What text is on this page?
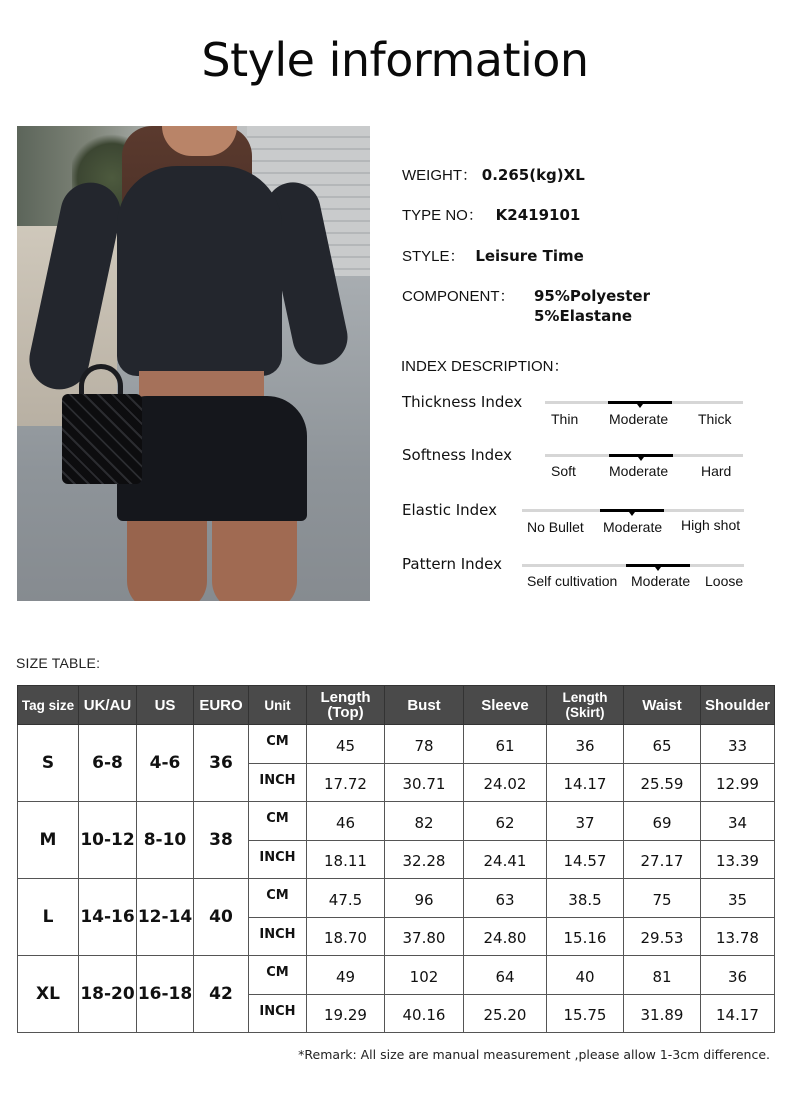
Style information
WEIGHT： 0.265(kg)XL
TYPE NO： K2419101
STYLE： Leisure Time
COMPONENT： 95%Polyester
5%Elastane
INDEX DESCRIPTION：
Thickness Index
Thin Moderate Thick
Softness Index
Soft Moderate Hard
Elastic Index
No Bullet Moderate High shot
Pattern Index
Self cultivation Moderate Loose
SIZE TABLE:
Tag size	UK/AU	US	EURO	Unit	Length
(Top)	Bust	Sleeve	Length
(Skirt)	Waist	Shoulder
S	6-8	4-6	36	CM	45	78	61	36	65	33
				INCH	17.72	30.71	24.02	14.17	25.59	12.99
M	10-12	8-10	38	CM	46	82	62	37	69	34
				INCH	18.11	32.28	24.41	14.57	27.17	13.39
L	14-16	12-14	40	CM	47.5	96	63	38.5	75	35
				INCH	18.70	37.80	24.80	15.16	29.53	13.78
XL	18-20	16-18	42	CM	49	102	64	40	81	36
				INCH	19.29	40.16	25.20	15.75	31.89	14.17
*Remark: All size are manual measurement ,please allow 1-3cm difference.
